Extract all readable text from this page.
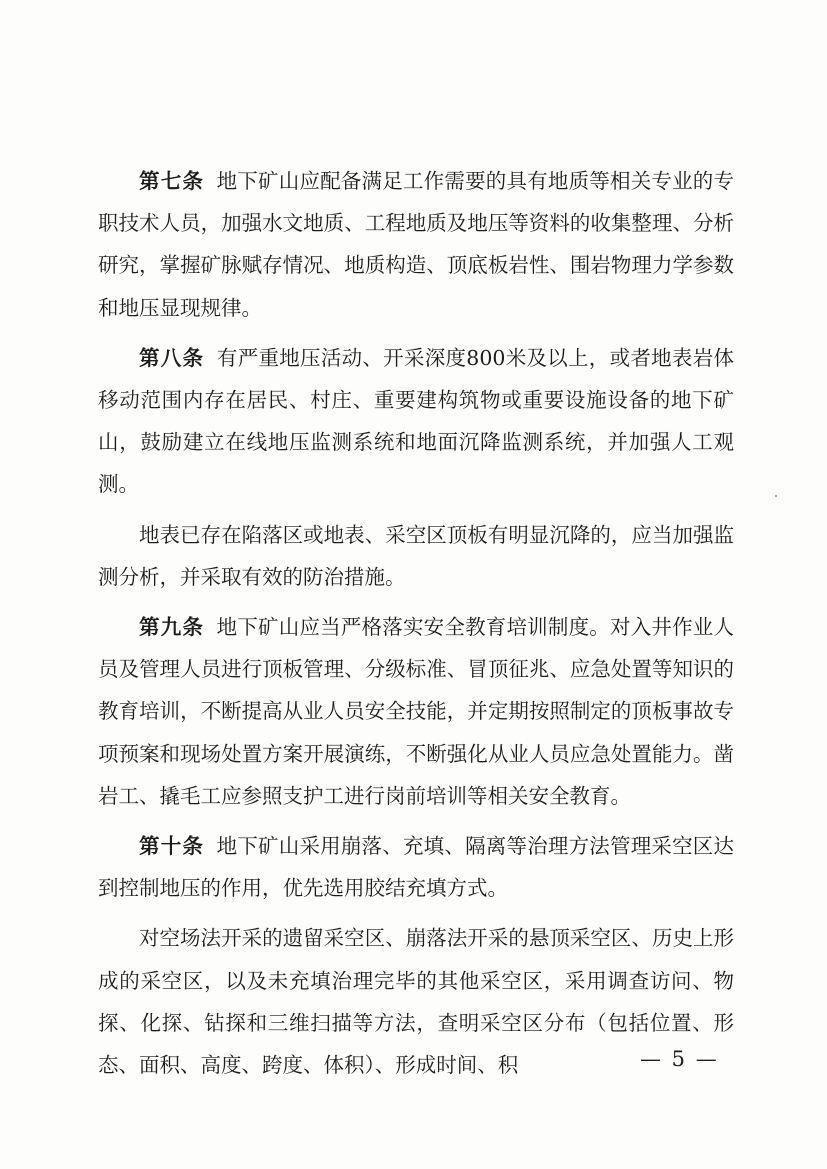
第七条 地下矿山应配备满足工作需要的具有地质等相关专业的专职技术人员，加强水文地质、工程地质及地压等资料的收集整理、分析研究，掌握矿脉赋存情况、地质构造、顶底板岩性、围岩物理力学参数和地压显现规律。

第八条 有严重地压活动、开采深度800米及以上，或者地表岩体移动范围内存在居民、村庄、重要建构筑物或重要设施设备的地下矿山，鼓励建立在线地压监测系统和地面沉降监测系统，并加强人工观测。

地表已存在陷落区或地表、采空区顶板有明显沉降的，应当加强监测分析，并采取有效的防治措施。

第九条 地下矿山应当严格落实安全教育培训制度。对入井作业人员及管理人员进行顶板管理、分级标准、冒顶征兆、应急处置等知识的教育培训，不断提高从业人员安全技能，并定期按照制定的顶板事故专项预案和现场处置方案开展演练，不断强化从业人员应急处置能力。凿岩工、撬毛工应参照支护工进行岗前培训等相关安全教育。

第十条 地下矿山采用崩落、充填、隔离等治理方法管理采空区达到控制地压的作用，优先选用胶结充填方式。

对空场法开采的遗留采空区、崩落法开采的悬顶采空区、历史上形成的采空区，以及未充填治理完毕的其他采空区，采用调查访问、物探、化探、钻探和三维扫描等方法，查明采空区分布（包括位置、形态、面积、高度、跨度、体积）、形成时间、积	— 5 —
